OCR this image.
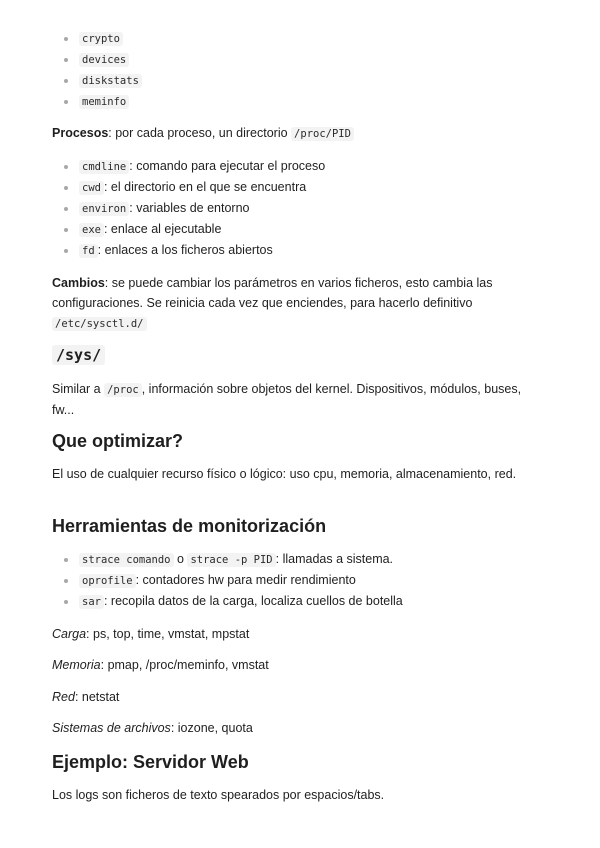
crypto
devices
diskstats
meminfo

Procesos: por cada proceso, un directorio /proc/PID

cmdline : comando para ejecutar el proceso
cwd : el directorio en el que se encuentra
environ : variables de entorno
exe : enlace al ejecutable
fd : enlaces a los ficheros abiertos

Cambios: se puede cambiar los parámetros en varios ficheros, esto cambia las configuraciones. Se reinicia cada vez que enciendes, para hacerlo definitivo
/etc/sysctl.d/

/sys/

Similar a /proc , información sobre objetos del kernel. Dispositivos, módulos, buses, fw...

Que optimizar?

El uso de cualquier recurso físico o lógico: uso cpu, memoria, almacenamiento, red.

Herramientas de monitorización
strace comando o strace -p PID : llamadas a sistema.
oprofile : contadores hw para medir rendimiento
sar : recopila datos de la carga, localiza cuellos de botella

Carga: ps, top, time, vmstat, mpstat

Memoria: pmap, /proc/meminfo, vmstat

Red: netstat

Sistemas de archivos: iozone, quota

Ejemplo: Servidor Web

Los logs son ficheros de texto spearados por espacios/tabs.
